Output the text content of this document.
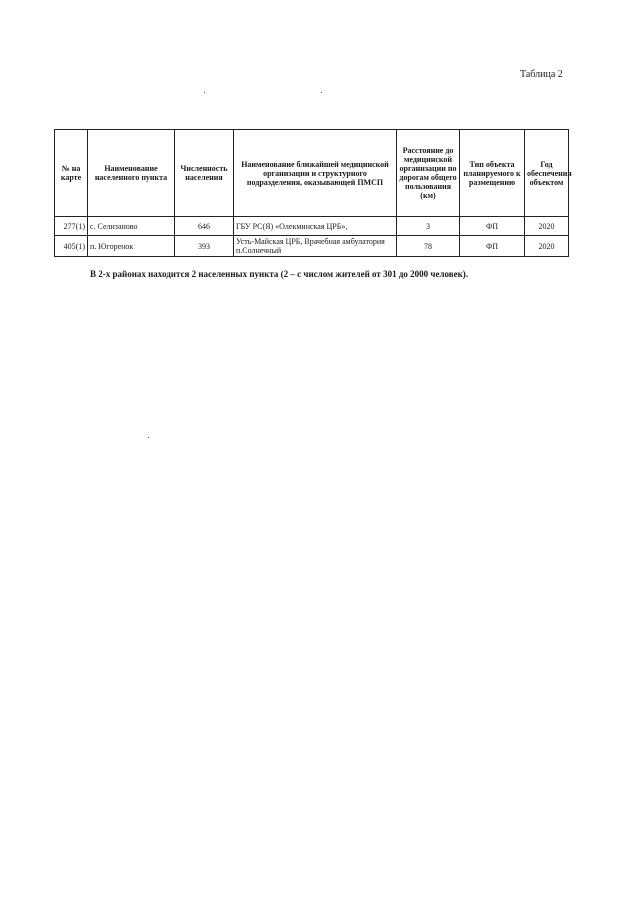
Таблица 2
№ на карте	Наименование населенного пункта	Численность населения	Наименование ближайшей медицинской организации и структурного подразделения, оказывающей ПМСП	Расстояние до медицинской организации по дорогам общего пользования (км)	Тип объекта планируемого к размещению	Год обеспечения объектом
277(1)	с. Селизаново	646	ГБУ РС(Я) «Олекминская ЦРБ»,	3	ФП	2020
405(1)	п. Югоренок	393	Усть-Майская ЦРБ, Врачебная амбулатория п.Солнечный	78	ФП	2020
В 2-х районах находится 2 населенных пункта (2 – с числом жителей от 301 до 2000 человек).
